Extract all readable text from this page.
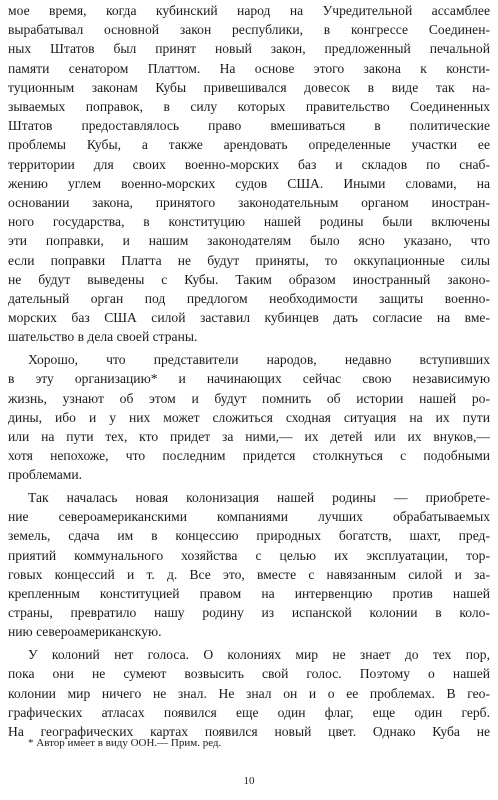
мое время, когда кубинский народ на Учредительной ассамблее
вырабатывал основной закон республики, в конгрессе Соединен-
ных Штатов был принят новый закон, предложенный печальной
памяти сенатором Платтом. На основе этого закона к консти-
туционным законам Кубы привешивался довесок в виде так на-
зываемых поправок, в силу которых правительство Соединенных
Штатов предоставлялось право вмешиваться в политические
проблемы Кубы, а также арендовать определенные участки ее
территории для своих военно-морских баз и складов по снаб-
жению углем военно-морских судов США. Иными словами, на
основании закона, принятого законодательным органом иностран-
ного государства, в конституцию нашей родины были включены
эти поправки, и нашим законодателям было ясно указано, что
если поправки Платта не будут приняты, то оккупационные силы
не будут выведены с Кубы. Таким образом иностранный законо-
дательный орган под предлогом необходимости защиты военно-
морских баз США силой заставил кубинцев дать согласие на вме-
шательство в дела своей страны.
Хорошо, что представители народов, недавно вступивших
в эту организацию* и начинающих сейчас свою независимую
жизнь, узнают об этом и будут помнить об истории нашей ро-
дины, ибо и у них может сложиться сходная ситуация на их пути
или на пути тех, кто придет за ними,— их детей или их внуков,—
хотя непохоже, что последним придется столкнуться с подобными
проблемами.
Так началась новая колонизация нашей родины — приобрете-
ние североамериканскими компаниями лучших обрабатываемых
земель, сдача им в концессию природных богатств, шахт, пред-
приятий коммунального хозяйства с целью их эксплуатации, тор-
говых концессий и т. д. Все это, вместе с навязанным силой и за-
крепленным конституцией правом на интервенцию против нашей
страны, превратило нашу родину из испанской колонии в коло-
нию североамериканскую.
У колоний нет голоса. О колониях мир не знает до тех пор,
пока они не сумеют возвысить свой голос. Поэтому о нашей
колонии мир ничего не знал. Не знал он и о ее проблемах. В гео-
графических атласах появился еще один флаг, еще один герб.
На географических картах появился новый цвет. Однако Куба не
* Автор имеет в виду ООН.— Прим. ред.
10
